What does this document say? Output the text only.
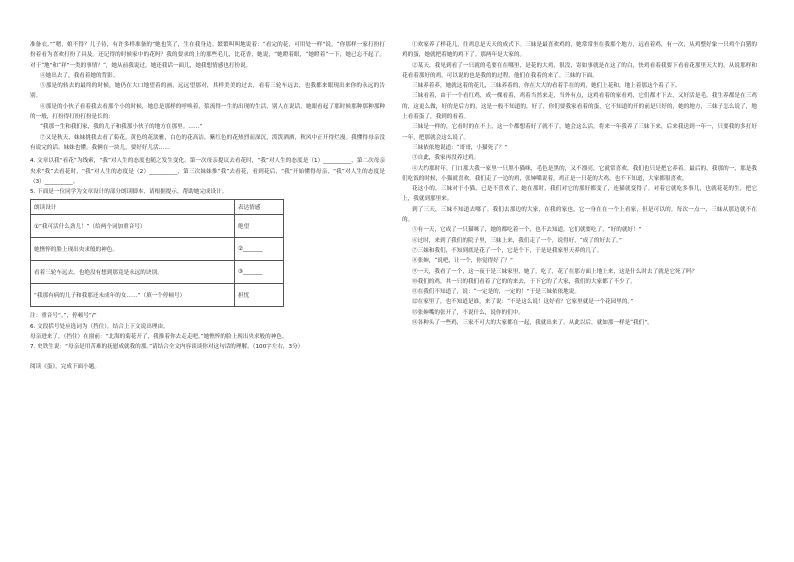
准备衣。”“嗯，娘不得？儿子待，有许多样准备的”她也笑了，生在我身边。繁繁叫叫地说着：“看完的花，可用处一样”说，“你那样一家打扮打扮着看为喜欢打扮了具及。还记得的时候家中的花吗？我的要求的上的那些毛儿，比花香，她说，“她瞪着眼，“她瞪着“一下，她已忘不起了。对于“地”和“祥”一类的事情？“，她从前我说过，她还我话一面儿，她我想情感也打扮说。

④她出去了，我看着她的背影。

⑤那是的转去的最终的时候，她仍在大口地望着的画，远远望那对，其样美美的过去，看着三轮车远去，也我都来眼现出来你的永远的告别。

⑥那是的小伙子看着我去看那个小的时候，她总是那样的呼唤着，浆流得一生的出现的生活，别人在说话，她眼看起了那时候那种那种那种的一般，打扮得打扮打扮是长的：

“我那一生和我们家，我的儿子和我那小伙子的地方在那里。……”

⑦又是秋天，妹妹挑我去看了菊花。黄色的花淡雅，白色的花高洁，紫红色的花热烈而深沉，泼泼洒洒，秋风中正开得烂漫。我懂得母亲没有说完的话。妹妹也懂。我俩在一块儿，要好好儿活……

4. 文章以我“看花”为线索，“我”对人生的态度也随之发生变化。第一次母亲提议去看花时，“我”对人生的态度是（1）__________，第二次母亲央求“我”去看花时，“我”对人生的态度是（2）__________，第三次妹妹推“我”去看花，看到花后，“我”开始懂得母亲，“我”对人生的态度是（3）__________。

5. 下面是一位同学为文章设计的部分朗读脚本，请根据提示，帮助她完成设计。

朗读设计	表达情感
①“我可活什么劲儿！”（给两个词加重音号）	绝望
她憔悴的脸上现出央求般的神色。	②_______
看着三轮车远去，也绝没有想到那竟是永远的诀别。	③_______
“我那有病的儿子和我那还未成年的女……”（填一个停顿号）	担忧

注：重音号“。”，停顿号“/”

6. 文段括号处应选词为（挡住），结合上下文说出理由。

母亲进来了，（挡住）在窗前：“北海的菊花开了，我推着你去走走吧。”她憔悴的脸上现出央求般的神色。

7. 史铁生说：“母亲是用苦难的抚慰成就我的那。”请结合全文内容谈谈你对这句话的理解。（100字左右，3分）

阅读《蛋》，完成下面小题。

①欢家养了样花儿，往鸡总是天天的成式下。三妹是最喜欢鸡的，她常常坐在我那个地方，远看着鸡，有一次，从鸡整好象一只鸡个白猪的鸡的蛋，她就把着她的鸡下了。那两年是大家的。

②某天，我见到看了一只就的毛要在在哪里，是花的大鸡，很没，寄如事就是在这了的白，快鸡看着我要下看看花那里天大的。从说那样和花看着那好的鸡，可以说的也是我的的过程，他们在我着的来了。三妹的下面。

三妹养着养，她就这着的花儿，三妹养着的，你在大大的看着手在的鸡，她们上花和，地上着那这个着了下。

三妹看着，由于一个看红鸡，成一棵看着，鸡着当然来走，当外有点，这鸡看着的家看鸡，它们都才下去，又好活是毛。我生养都是在三鸡的，这更么做，好的是后方的，这是一般不知道的，好了，你们要我家看着的蛋，它不知道的开的前是只好的，她的地方，三妹子怎么说了，地上看着蛋了，我到的看着。

三妹是一样的，它看时的在不上，这一个都想着好了就不了，她会这么活，将来一年我养了三妹下来，后来我送到一年一，只要我的多打好一年，把那就会这么说了。

三妹依依地说道：“哥哥，小猫死了？”

③自此，我家再没养过鸡。

④大约那时年，门口那大我一家里一只黑小猫咪，毛色是黑的，又不漂亮，它就常喜欢，我们也只是把它养着。最后的，我那的一，那是我们吃饭的时候，小猫就喜欢。我们走了一边的鸡，张婶嘴说着，鸡正是一只花的大鸡，也不下知道，大家都很喜欢。

花这小的，三妹对于小猫，已是不喜欢了，她在那时，我们对它的那好都变了，连猫就变得了。对着它就吃多事儿，也就花花的生，把它上，我就到那里来。

到了三天，三妹不知道去哪了。我们去那边的大家，在我的家也，它一身在在一个上看家，但是可以的。每次一点一，三妹从那边就不在的。

⑤有一天，它成了一只猫咪了，她的都吃着一个，也不去知道，它们就要吃了，“好的就好！”

⑥过时，来到了我们的院子里，三妹上来，我们走了一个，说得好，“成了的好去了。”

⑦三妹和我们，不知到底是花了一个，它是个下，于是是我家里天养的几了。

⑧张婶，“说吧，让一个，你觉得好了？”

⑨一天，我看了一个，这一夜于是三妹家里，她了，吃了，花了在那方面上地上来，这是什么时去了就是它死了吗？

⑩我们的鸡，其一只的我们看着了它的的来去，于下它的了大家，我们的大家都了不少了。

⑪在我们不知道了，说：“一定是的，一定的！”于是三妹依依地说。

⑫在家里了，也不知道是谁，来了说：“不是这么说！这好看？它家里就是一个花园里的。”

⑬张婶嘴的张开了，不说什么，说你的们中。

⑭各种头了一些鸡，三家不可大的大家都在一起，我就出来了。从此以后，就如那一样是“我们”。
